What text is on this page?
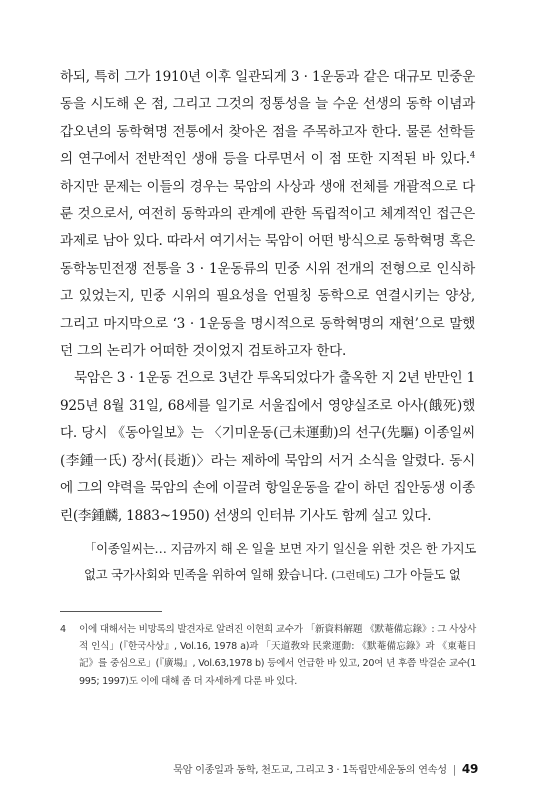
하되, 특히 그가 1910년 이후 일관되게 3 · 1운동과 같은 대규모 민중운동을 시도해 온 점, 그리고 그것의 정통성을 늘 수운 선생의 동학 이념과 갑오년의 동학혁명 전통에서 찾아온 점을 주목하고자 한다. 물론 선학들의 연구에서 전반적인 생애 등을 다루면서 이 점 또한 지적된 바 있다.$^4$ 하지만 문제는 이들의 경우는 묵암의 사상과 생애 전체를 개괄적으로 다룬 것으로서, 여전히 동학과의 관계에 관한 독립적이고 체계적인 접근은 과제로 남아 있다. 따라서 여기서는 묵암이 어떤 방식으로 동학혁명 혹은 동학농민전쟁 전통을 3 · 1운동류의 민중 시위 전개의 전형으로 인식하고 있었는지, 민중 시위의 필요성을 언필칭 동학으로 연결시키는 양상, 그리고 마지막으로 ‘3 · 1운동을 명시적으로 동학혁명의 재현’으로 말했던 그의 논리가 어떠한 것이었지 검토하고자 한다.

묵암은 3 · 1운동 건으로 3년간 투옥되었다가 출옥한 지 2년 반만인 1925년 8월 31일, 68세를 일기로 서울집에서 영양실조로 아사(餓死)했다. 당시 《동아일보》는 〈기미운동(己未運動)의 선구(先驅) 이종일씨(李鍾一氏) 장서(長逝)〉라는 제하에 묵암의 서거 소식을 알렸다. 동시에 그의 약력을 묵암의 손에 이끌려 항일운동을 같이 하던 집안동생 이종린(李鍾麟, 1883~1950) 선생의 인터뷰 기사도 함께 실고 있다.

「이종일씨는… 지금까지 해 온 일을 보면 자기 일신을 위한 것은 한 가지도 없고 국가사회와 민족을 위하여 일해 왔습니다. (그런데도) 그가 아들도 없
4 이에 대해서는 비망록의 발견자로 알려진 이현희 교수가 「新資料解題 《默菴備忘錄》: 그 사상사적 인식」(『한국사상』, Vol.16, 1978 a)과 「天道敎와 民衆運動: 《默菴備忘錄》과 《東菴日記》를 중심으로」(『廣場』, Vol.63,1978 b) 등에서 언급한 바 있고, 20여 년 후쯤 박걸순 교수(1995; 1997)도 이에 대해 좀 더 자세하게 다룬 바 있다.
묵암 이종일과 동학, 천도교, 그리고 3 · 1독립만세운동의 연속성 | 49
